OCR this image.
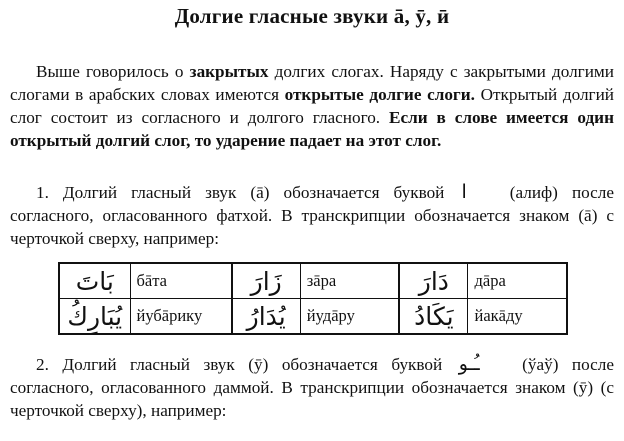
Долгие гласные звуки ā, ӯ, ӣ
Выше говорилось о закрытых долгих слогах. Наряду с закрытыми долгими слогами в арабских словах имеются открытые долгие слоги. Открытый долгий слог состоит из согласного и долгого гласного. Если в слове имеется один открытый долгий слог, то ударение падает на этот слог.
1. Долгий гласный звук (ā) обозначается буквой ا (алиф) после согласного, огласованного фатхой. В транскрипции обозначается знаком (ā) с черточкой сверху, например:
بَاتَ	бāта	زَارَ	зāра	دَارَ	дāра
يُبَارِكُ	йубāрику	يُدَارُ	йудāру	يَكَادُ	йакāду
2. Долгий гласный звук (ӯ) обозначается буквой ـُـو (ўаў) после согласного, огласованного даммой. В транскрипции обозначается знаком (ӯ) (с черточкой сверху), например:
